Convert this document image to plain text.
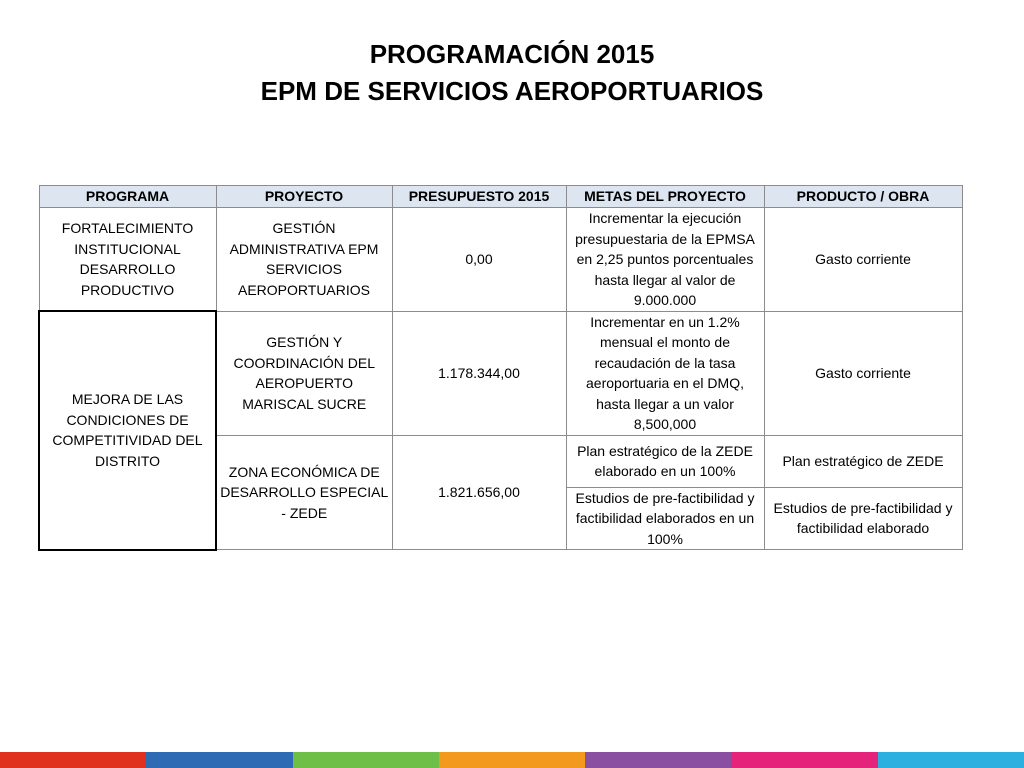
PROGRAMACIÓN 2015
EPM DE SERVICIOS AEROPORTUARIOS
PROGRAMA	PROYECTO	PRESUPUESTO 2015	METAS DEL PROYECTO	PRODUCTO / OBRA
FORTALECIMIENTO INSTITUCIONAL DESARROLLO PRODUCTIVO	GESTIÓN ADMINISTRATIVA EPM SERVICIOS AEROPORTUARIOS	0,00	Incrementar la ejecución presupuestaria de la EPMSA en 2,25 puntos porcentuales hasta llegar al valor de 9.000.000	Gasto corriente
MEJORA DE LAS CONDICIONES DE COMPETITIVIDAD DEL DISTRITO	GESTIÓN Y COORDINACIÓN DEL AEROPUERTO MARISCAL SUCRE	1.178.344,00	Incrementar en un 1.2% mensual el monto de recaudación de la tasa aeroportuaria en el DMQ, hasta llegar a un valor 8,500,000	Gasto corriente
	ZONA ECONÓMICA DE DESARROLLO ESPECIAL - ZEDE	1.821.656,00	Plan estratégico de la ZEDE elaborado en un 100%	Plan estratégico de ZEDE
			Estudios de pre-factibilidad y factibilidad elaborados en un 100%	Estudios de pre-factibilidad y factibilidad elaborado
